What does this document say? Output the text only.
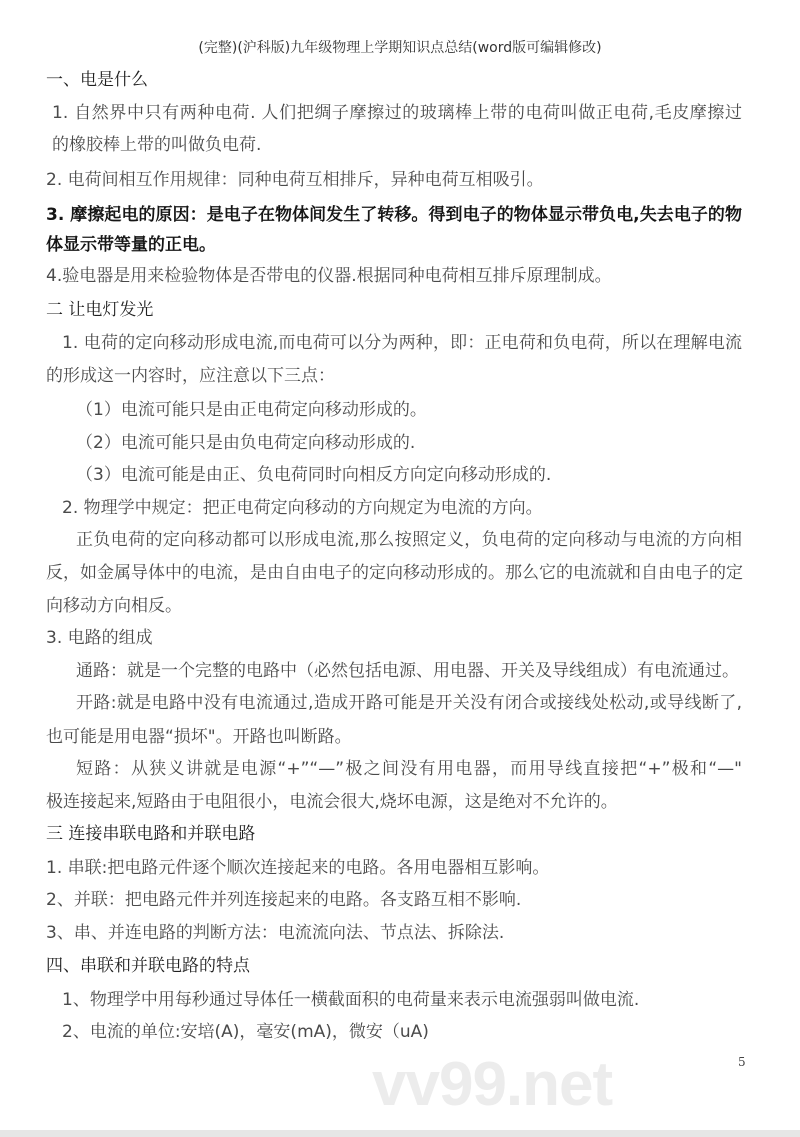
(完整)(沪科版)九年级物理上学期知识点总结(word版可编辑修改)
一、电是什么
1. 自然界中只有两种电荷. 人们把绸子摩擦过的玻璃棒上带的电荷叫做正电荷,毛皮摩擦过
的橡胶棒上带的叫做负电荷.
2. 电荷间相互作用规律：同种电荷互相排斥，异种电荷互相吸引。
3. 摩擦起电的原因：是电子在物体间发生了转移。得到电子的物体显示带负电,失去电子的物
体显示带等量的正电。
4.验电器是用来检验物体是否带电的仪器.根据同种电荷相互排斥原理制成。
二 让电灯发光
1. 电荷的定向移动形成电流,而电荷可以分为两种，即：正电荷和负电荷，所以在理解电流
的形成这一内容时，应注意以下三点：
（1）电流可能只是由正电荷定向移动形成的。
（2）电流可能只是由负电荷定向移动形成的.
（3）电流可能是由正、负电荷同时向相反方向定向移动形成的.
2. 物理学中规定：把正电荷定向移动的方向规定为电流的方向。
正负电荷的定向移动都可以形成电流,那么按照定义，负电荷的定向移动与电流的方向相
反，如金属导体中的电流，是由自由电子的定向移动形成的。那么它的电流就和自由电子的定
向移动方向相反。
3. 电路的组成
通路：就是一个完整的电路中（必然包括电源、用电器、开关及导线组成）有电流通过。
开路:就是电路中没有电流通过,造成开路可能是开关没有闭合或接线处松动,或导线断了,
也可能是用电器“损坏"。开路也叫断路。
短路：从狭义讲就是电源“+”“—”极之间没有用电器，而用导线直接把“+”极和“—"
极连接起来,短路由于电阻很小，电流会很大,烧坏电源，这是绝对不允许的。
三 连接串联电路和并联电路
1. 串联:把电路元件逐个顺次连接起来的电路。各用电器相互影响。
2、并联：把电路元件并列连接起来的电路。各支路互相不影响.
3、串、并连电路的判断方法：电流流向法、节点法、拆除法.
四、串联和并联电路的特点
1、物理学中用每秒通过导体任一横截面积的电荷量来表示电流强弱叫做电流.
2、电流的单位:安培(A)，毫安(mA)，微安（uA)
vv99.net	5
